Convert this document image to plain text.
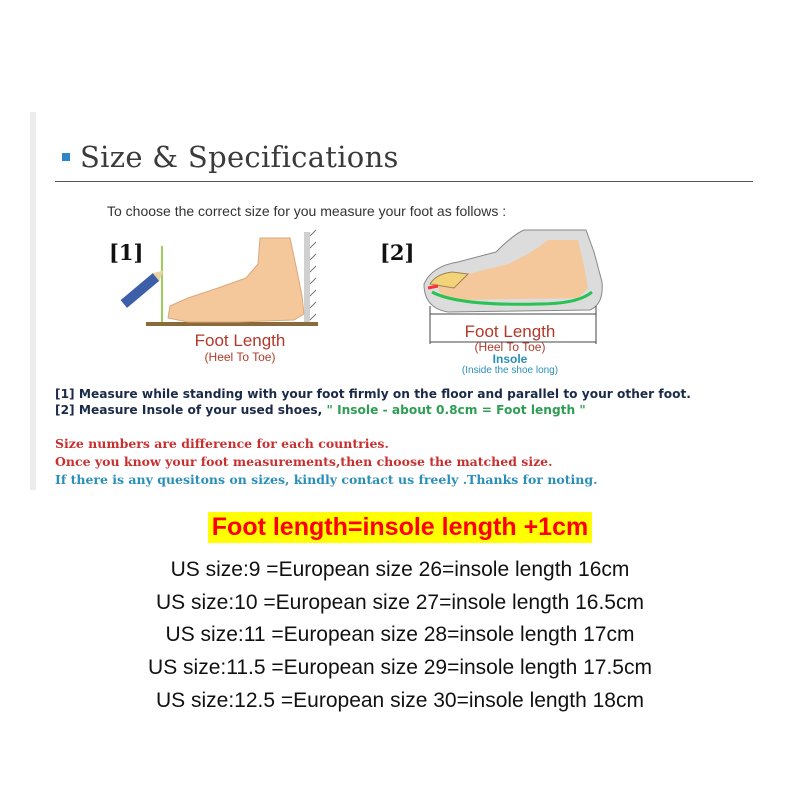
Size & Specifications
To choose the correct size for you measure your foot as follows :
[1]	[2]
Foot Length
(Heel To Toe)
Foot Length
(Heel To Toe)
Insole
(Inside the shoe long)
[1] Measure while standing with your foot firmly on the floor and parallel to your other foot.
[2] Measure Insole of your used shoes, " Insole - about 0.8cm = Foot length "
Size numbers are difference for each countries.
Once you know your foot measurements,then choose the matched size.
If there is any quesitons on sizes, kindly contact us freely .Thanks for noting.
Foot length=insole length +1cm
US size:9 =European size 26=insole length 16cm
US size:10 =European size 27=insole length 16.5cm
US size:11 =European size 28=insole length 17cm
US size:11.5 =European size 29=insole length 17.5cm
US size:12.5 =European size 30=insole length 18cm
